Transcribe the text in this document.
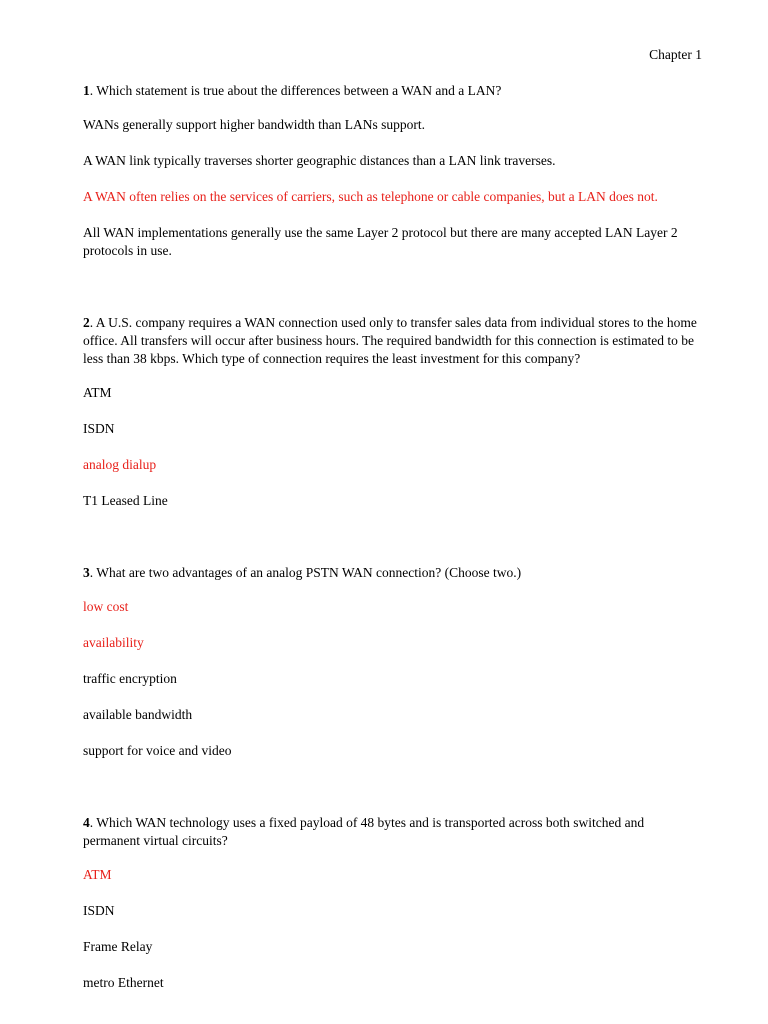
Chapter 1

1. Which statement is true about the differences between a WAN and a LAN?

WANs generally support higher bandwidth than LANs support.

A WAN link typically traverses shorter geographic distances than a LAN link traverses.

A WAN often relies on the services of carriers, such as telephone or cable companies, but a LAN does not.

All WAN implementations generally use the same Layer 2 protocol but there are many accepted LAN Layer 2 protocols in use.

2. A U.S. company requires a WAN connection used only to transfer sales data from individual stores to the home office. All transfers will occur after business hours. The required bandwidth for this connection is estimated to be less than 38 kbps. Which type of connection requires the least investment for this company?

ATM

ISDN

analog dialup

T1 Leased Line

3. What are two advantages of an analog PSTN WAN connection? (Choose two.)

low cost

availability

traffic encryption

available bandwidth

support for voice and video

4. Which WAN technology uses a fixed payload of 48 bytes and is transported across both switched and permanent virtual circuits?

ATM

ISDN

Frame Relay

metro Ethernet
